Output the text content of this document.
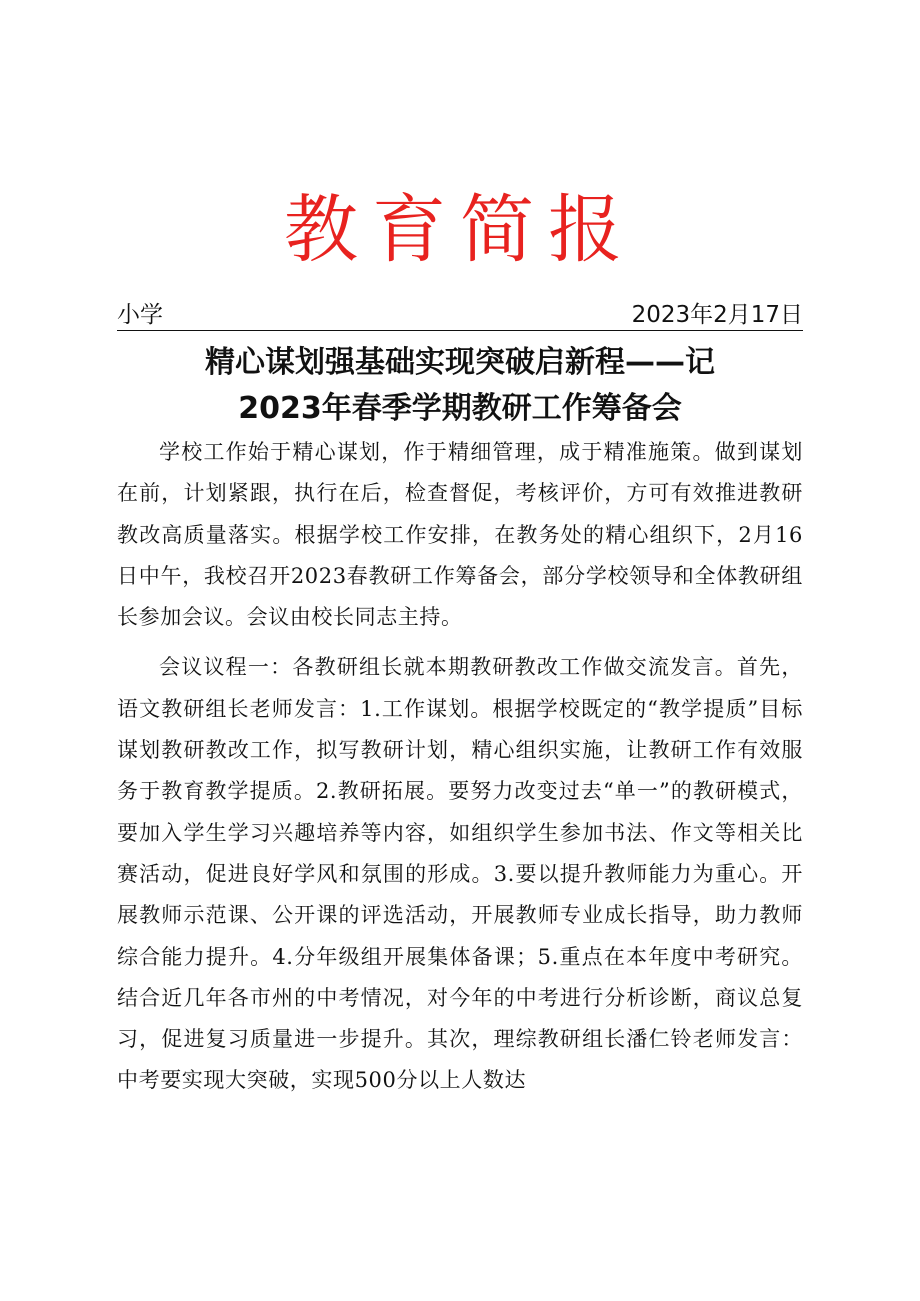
教育简报
小学	2023年2月17日
精心谋划强基础实现突破启新程——记
2023年春季学期教研工作筹备会

学校工作始于精心谋划，作于精细管理，成于精准施策。做到谋划在前，计划紧跟，执行在后，检查督促，考核评价，方可有效推进教研教改高质量落实。根据学校工作安排，在教务处的精心组织下，2月16日中午，我校召开2023春教研工作筹备会，部分学校领导和全体教研组长参加会议。会议由校长同志主持。

会议议程一：各教研组长就本期教研教改工作做交流发言。首先，语文教研组长老师发言：1.工作谋划。根据学校既定的“教学提质”目标谋划教研教改工作，拟写教研计划，精心组织实施，让教研工作有效服务于教育教学提质。2.教研拓展。要努力改变过去“单一”的教研模式，要加入学生学习兴趣培养等内容，如组织学生参加书法、作文等相关比赛活动，促进良好学风和氛围的形成。3.要以提升教师能力为重心。开展教师示范课、公开课的评选活动，开展教师专业成长指导，助力教师综合能力提升。4.分年级组开展集体备课；5.重点在本年度中考研究。结合近几年各市州的中考情况，对今年的中考进行分析诊断，商议总复习，促进复习质量进一步提升。其次，理综教研组长潘仁铃老师发言：中考要实现大突破，实现500分以上人数达
